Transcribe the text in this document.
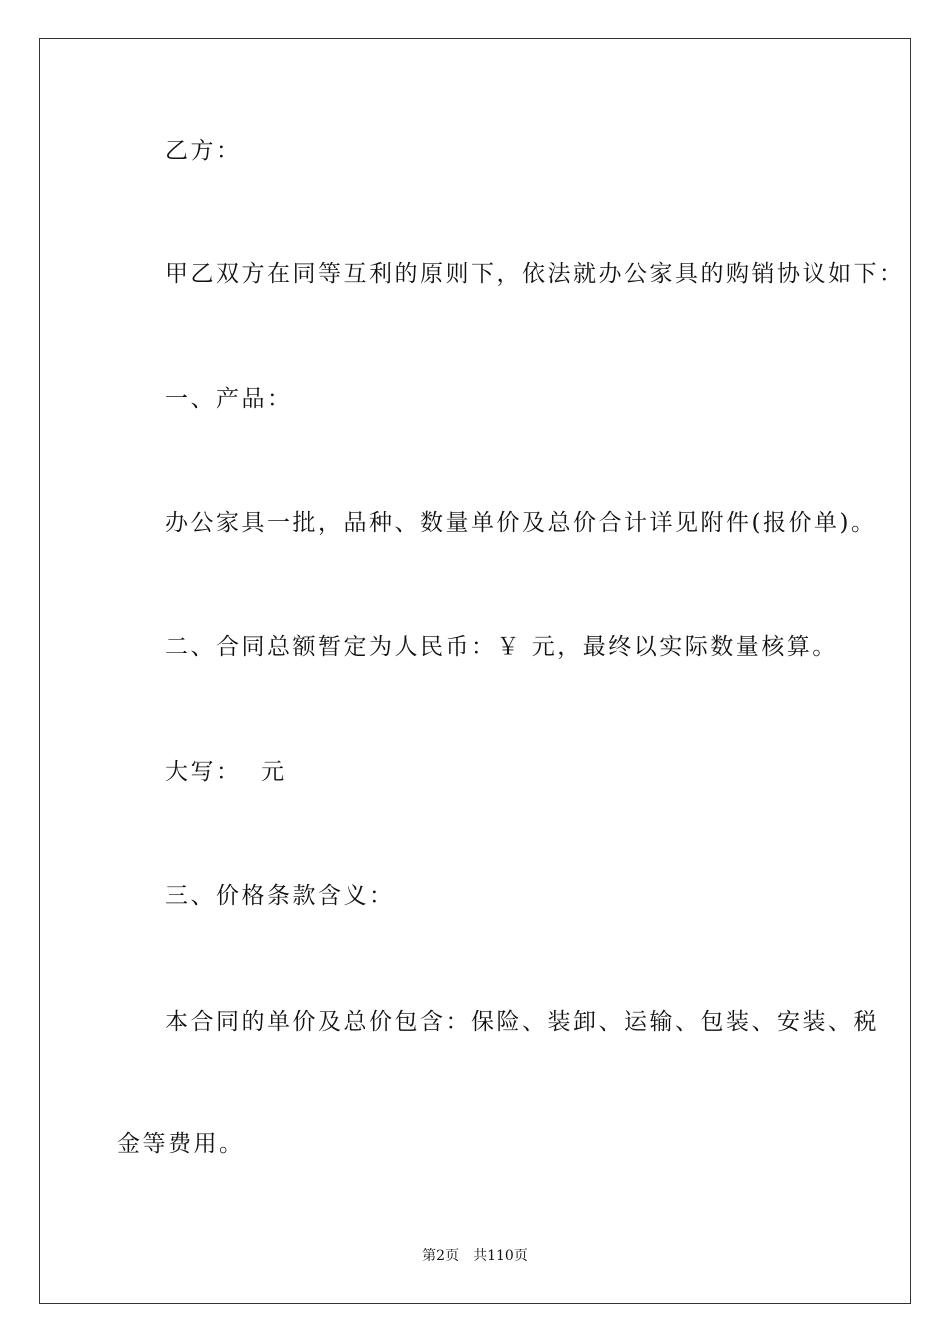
乙方：
甲乙双方在同等互利的原则下，依法就办公家具的购销协议如下：
一、产品：
办公家具一批，品种、数量单价及总价合计详见附件(报价单)。
二、合同总额暂定为人民币：￥ 元，最终以实际数量核算。
大写：  元
三、价格条款含义：
本合同的单价及总价包含：保险、装卸、运输、包装、安装、税
金等费用。
第2页 共110页
